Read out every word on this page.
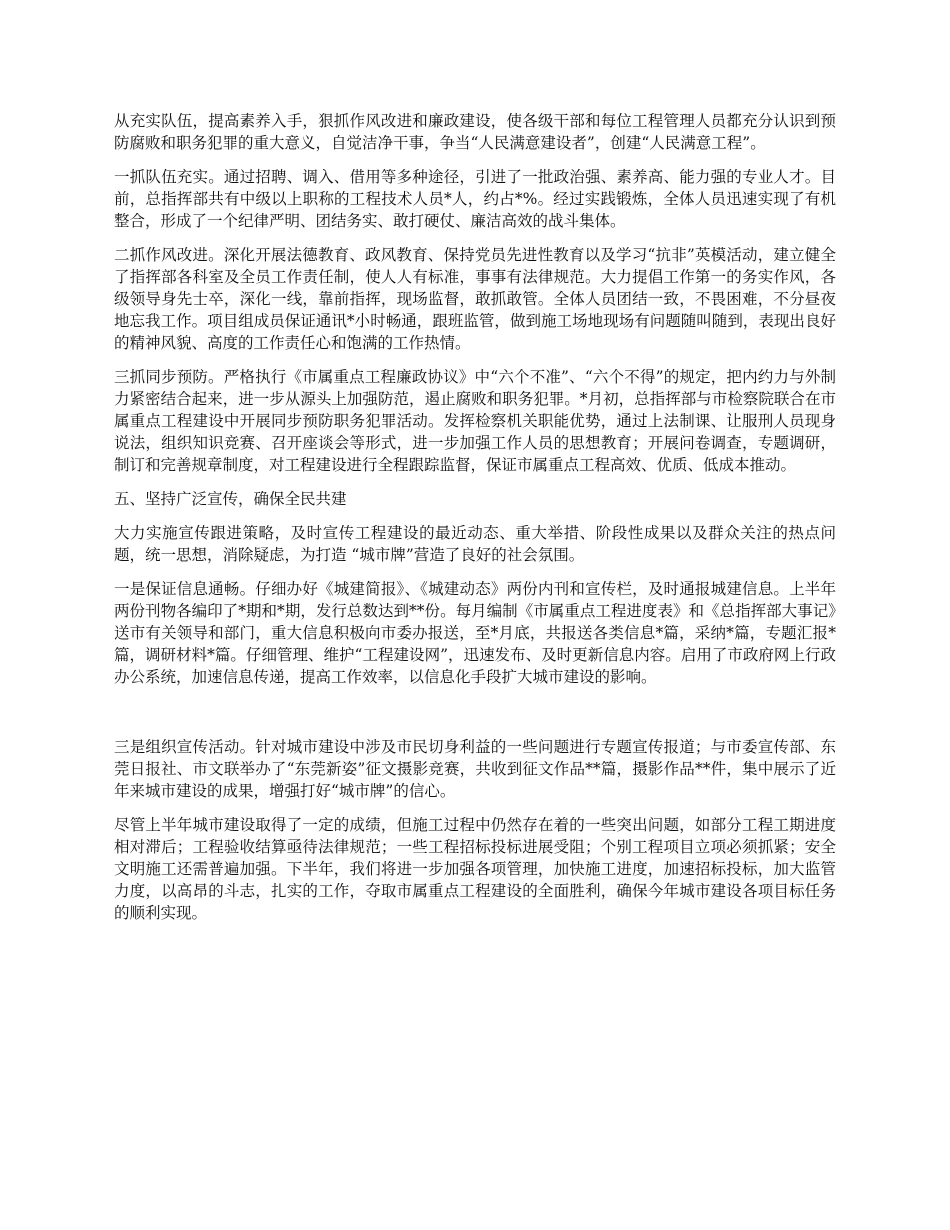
从充实队伍，提高素养入手，狠抓作风改进和廉政建设，使各级干部和每位工程管理人员都充分认识到预防腐败和职务犯罪的重大意义，自觉洁净干事，争当“人民满意建设者”，创建“人民满意工程”。

一抓队伍充实。通过招聘、调入、借用等多种途径，引进了一批政治强、素养高、能力强的专业人才。目前，总指挥部共有中级以上职称的工程技术人员*人，约占*%。经过实践锻炼，全体人员迅速实现了有机整合，形成了一个纪律严明、团结务实、敢打硬仗、廉洁高效的战斗集体。

二抓作风改进。深化开展法德教育、政风教育、保持党员先进性教育以及学习“抗非”英模活动，建立健全了指挥部各科室及全员工作责任制，使人人有标准，事事有法律规范。大力提倡工作第一的务实作风，各级领导身先士卒，深化一线，靠前指挥，现场监督，敢抓敢管。全体人员团结一致，不畏困难，不分昼夜地忘我工作。项目组成员保证通讯*小时畅通，跟班监管，做到施工场地现场有问题随叫随到，表现出良好的精神风貌、高度的工作责任心和饱满的工作热情。

三抓同步预防。严格执行《市属重点工程廉政协议》中“六个不准”、“六个不得”的规定，把内约力与外制力紧密结合起来，进一步从源头上加强防范，遏止腐败和职务犯罪。*月初，总指挥部与市检察院联合在市属重点工程建设中开展同步预防职务犯罪活动。发挥检察机关职能优势，通过上法制课、让服刑人员现身说法，组织知识竞赛、召开座谈会等形式，进一步加强工作人员的思想教育；开展问卷调查，专题调研，制订和完善规章制度，对工程建设进行全程跟踪监督，保证市属重点工程高效、优质、低成本推动。

五、坚持广泛宣传，确保全民共建

大力实施宣传跟进策略，及时宣传工程建设的最近动态、重大举措、阶段性成果以及群众关注的热点问题，统一思想，消除疑虑，为打造 “城市牌”营造了良好的社会氛围。

一是保证信息通畅。仔细办好《城建简报》、《城建动态》两份内刊和宣传栏，及时通报城建信息。上半年两份刊物各编印了*期和*期，发行总数达到**份。每月编制《市属重点工程进度表》和《总指挥部大事记》送市有关领导和部门，重大信息积极向市委办报送，至*月底，共报送各类信息*篇，采纳*篇，专题汇报*篇，调研材料*篇。仔细管理、维护“工程建设网”，迅速发布、及时更新信息内容。启用了市政府网上行政办公系统，加速信息传递，提高工作效率，以信息化手段扩大城市建设的影响。

三是组织宣传活动。针对城市建设中涉及市民切身利益的一些问题进行专题宣传报道；与市委宣传部、东莞日报社、市文联举办了“东莞新姿”征文摄影竞赛，共收到征文作品**篇，摄影作品**件，集中展示了近年来城市建设的成果，增强打好“城市牌”的信心。

尽管上半年城市建设取得了一定的成绩，但施工过程中仍然存在着的一些突出问题，如部分工程工期进度相对滞后；工程验收结算亟待法律规范；一些工程招标投标进展受阻；个别工程项目立项必须抓紧；安全文明施工还需普遍加强。下半年，我们将进一步加强各项管理，加快施工进度，加速招标投标，加大监管力度，以高昂的斗志，扎实的工作，夺取市属重点工程建设的全面胜利，确保今年城市建设各项目标任务的顺利实现。
